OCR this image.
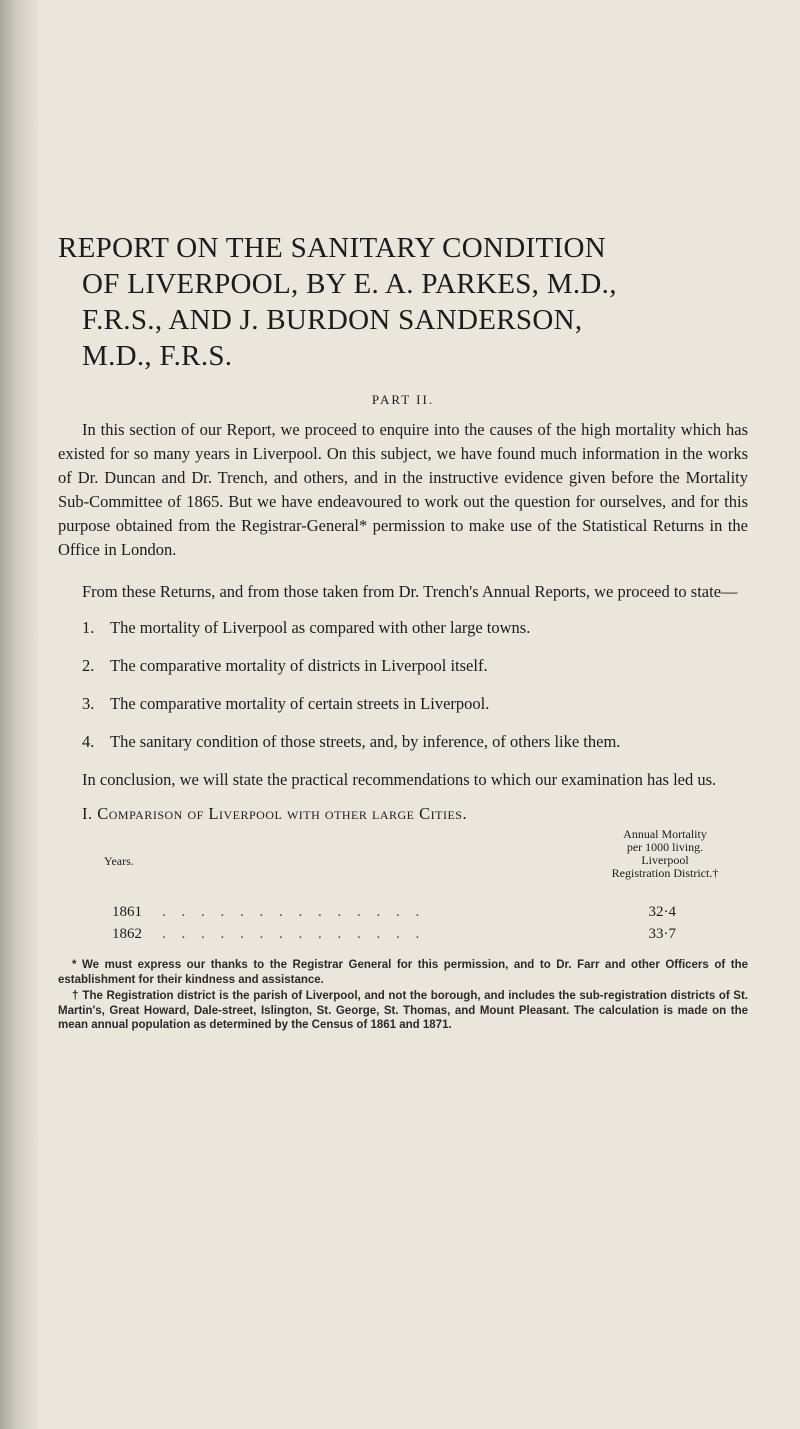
REPORT ON THE SANITARY CONDITION
OF LIVERPOOL, BY E. A. PARKES, M.D.,
F.R.S., AND J. BURDON SANDERSON,
M.D., F.R.S.
PART II.

In this section of our Report, we proceed to enquire into the causes of the high mortality which has existed for so many years in Liverpool. On this subject, we have found much information in the works of Dr. Duncan and Dr. Trench, and others, and in the instructive evidence given before the Mortality Sub-Committee of 1865. But we have endeavoured to work out the question for ourselves, and for this purpose obtained from the Registrar-General* permission to make use of the Statistical Returns in the Office in London.

From these Returns, and from those taken from Dr. Trench's Annual Reports, we proceed to state—

1. The mortality of Liverpool as compared with other large towns.
2. The comparative mortality of districts in Liverpool itself.
3. The comparative mortality of certain streets in Liverpool.
4. The sanitary condition of those streets, and, by inference, of others like them.

In conclusion, we will state the practical recommendations to which our examination has led us.

I. Comparison of Liverpool with other large Cities.
Years.
Annual Mortality
per 1000 living.
Liverpool
Registration District.†
1861 . . . . . . . . . . . . . .	32·4
1862 . . . . . . . . . . . . . .	33·7

* We must express our thanks to the Registrar General for this permission, and to Dr. Farr and other Officers of the establishment for their kindness and assistance.

† The Registration district is the parish of Liverpool, and not the borough, and includes the sub-registration districts of St. Martin's, Great Howard, Dale-street, Islington, St. George, St. Thomas, and Mount Pleasant. The calculation is made on the mean annual population as determined by the Census of 1861 and 1871.
